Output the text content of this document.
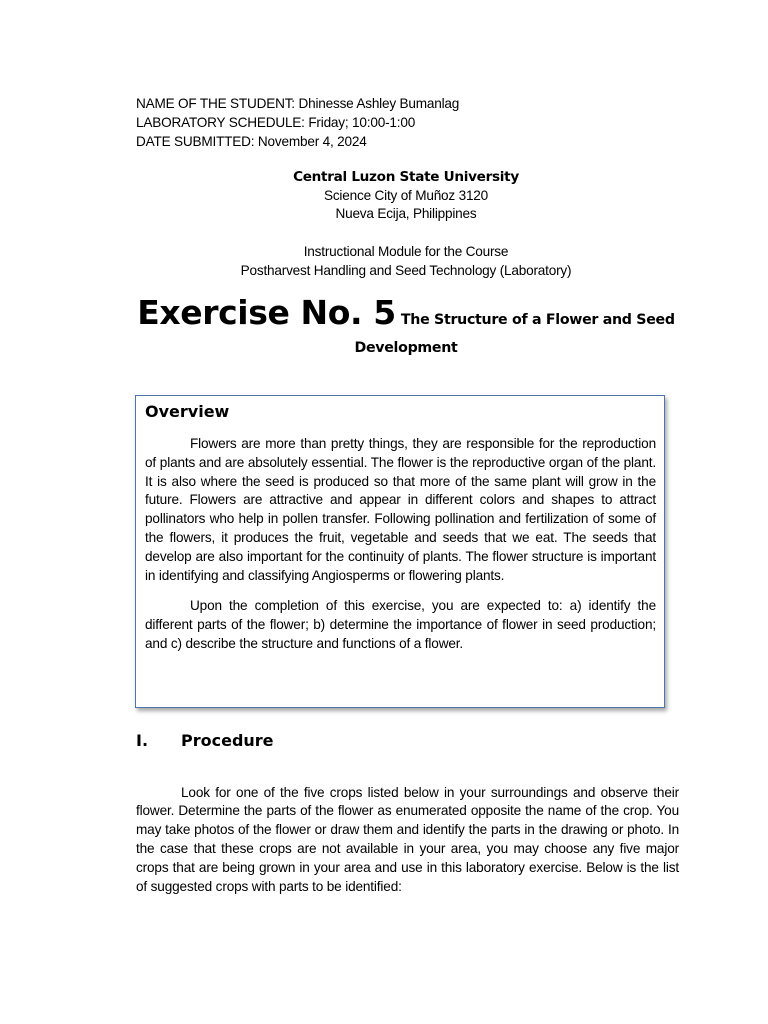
NAME OF THE STUDENT: Dhinesse Ashley Bumanlag
LABORATORY SCHEDULE: Friday; 10:00-1:00
DATE SUBMITTED: November 4, 2024
Central Luzon State University
Science City of Muñoz 3120
Nueva Ecija, Philippines
Instructional Module for the Course
Postharvest Handling and Seed Technology (Laboratory)
Exercise No. 5 The Structure of a Flower and Seed
Development
Overview

Flowers are more than pretty things, they are responsible for the reproduction of plants and are absolutely essential. The flower is the reproductive organ of the plant. It is also where the seed is produced so that more of the same plant will grow in the future. Flowers are attractive and appear in different colors and shapes to attract pollinators who help in pollen transfer. Following pollination and fertilization of some of the flowers, it produces the fruit, vegetable and seeds that we eat. The seeds that develop are also important for the continuity of plants. The flower structure is important in identifying and classifying Angiosperms or flowering plants.

Upon the completion of this exercise, you are expected to: a) identify the different parts of the flower; b) determine the importance of flower in seed production; and c) describe the structure and functions of a flower.

I. Procedure

Look for one of the five crops listed below in your surroundings and observe their flower. Determine the parts of the flower as enumerated opposite the name of the crop. You may take photos of the flower or draw them and identify the parts in the drawing or photo. In the case that these crops are not available in your area, you may choose any five major crops that are being grown in your area and use in this laboratory exercise. Below is the list of suggested crops with parts to be identified:
